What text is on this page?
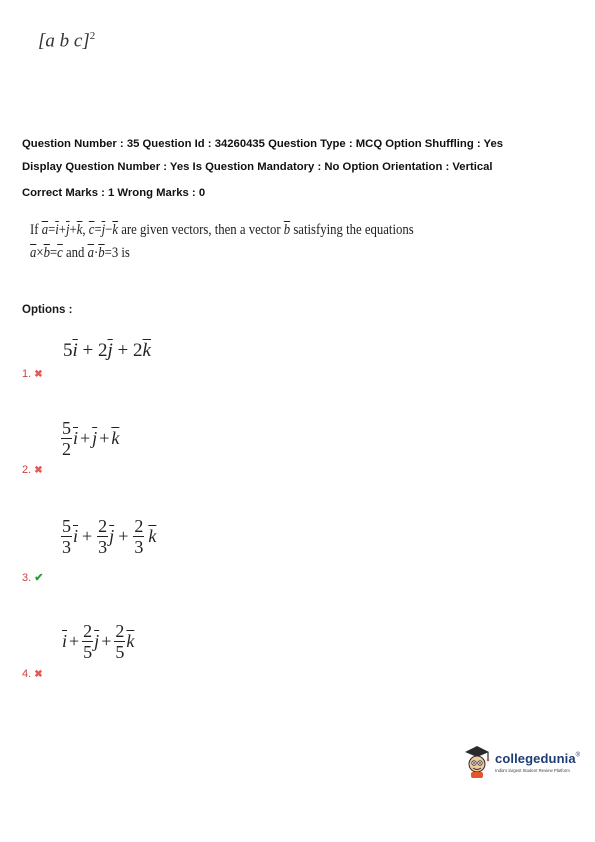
[a b c]$^2$
Question Number : 35 Question Id : 34260435 Question Type : MCQ Option Shuffling : Yes
Display Question Number : Yes Is Question Mandatory : No Option Orientation : Vertical
Correct Marks : 1 Wrong Marks : 0
If $\overline{a}=\overline{i}+\overline{j}+\overline{k}$, $\overline{c}=\overline{j}-\overline{k}$ are given vectors, then a vector $\overline{b}$ satisfying the equations
$\overline{a}\times\overline{b}=\overline{c}$ and $\overline{a}\cdot\overline{b}=3$ is
Options :
$5\overline{i} + 2\overline{j} + 2\overline{k}$
1. ✖
$\frac{5}{2} \overline{i} + \overline{j} + \overline{k}$
2. ✖
$\frac{5}{3} \overline{i} + \frac{2}{3} \overline{j} + \frac{2}{3} \overline{k}$
3. ✔
$\overline{i} + \frac{2}{5} \overline{j} + \frac{2}{5} \overline{k}$
4. ✖
collegedunia®
India's largest Student Review Platform
